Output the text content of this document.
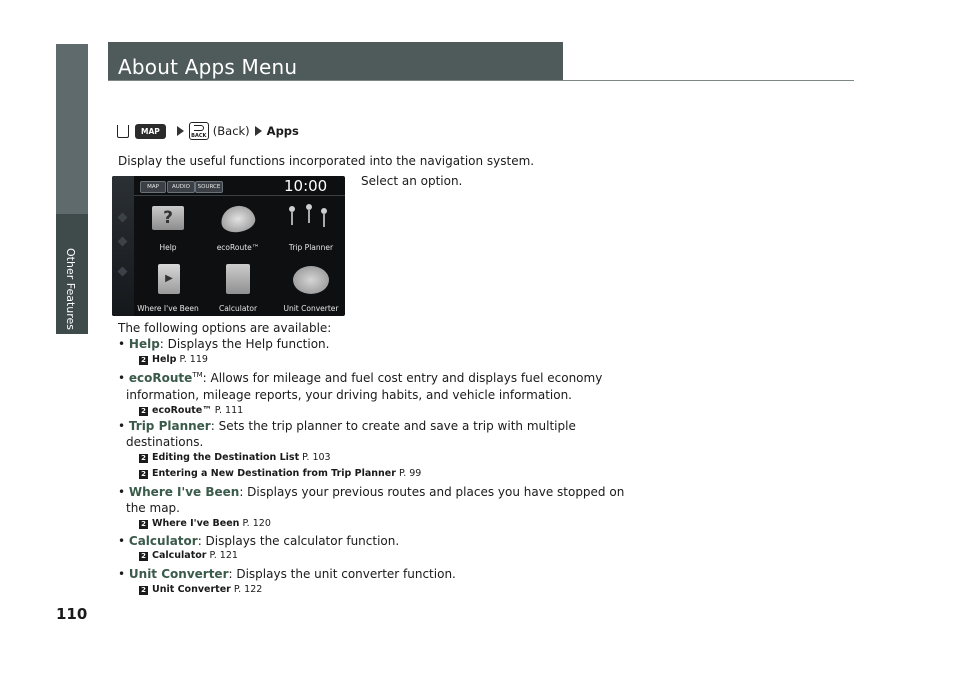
Other Features
110
About Apps Menu
MAP
BACK (Back) Apps
Display the useful functions incorporated into the navigation system.
Select an option.
MAP	AUDIO	SOURCE	10:00
?
Help	ecoRoute™	Trip Planner
▶
Where I've Been	Calculator	Unit Converter
The following options are available:
• Help: Displays the Help function.
2 Help P. 119
• ecoRoute™: Allows for mileage and fuel cost entry and displays fuel economy
information, mileage reports, your driving habits, and vehicle information.
2 ecoRoute™ P. 111
• Trip Planner: Sets the trip planner to create and save a trip with multiple
destinations.
2 Editing the Destination List P. 103
2 Entering a New Destination from Trip Planner P. 99
• Where I've Been: Displays your previous routes and places you have stopped on
the map.
2 Where I've Been P. 120
• Calculator: Displays the calculator function.
2 Calculator P. 121
• Unit Converter: Displays the unit converter function.
2 Unit Converter P. 122
